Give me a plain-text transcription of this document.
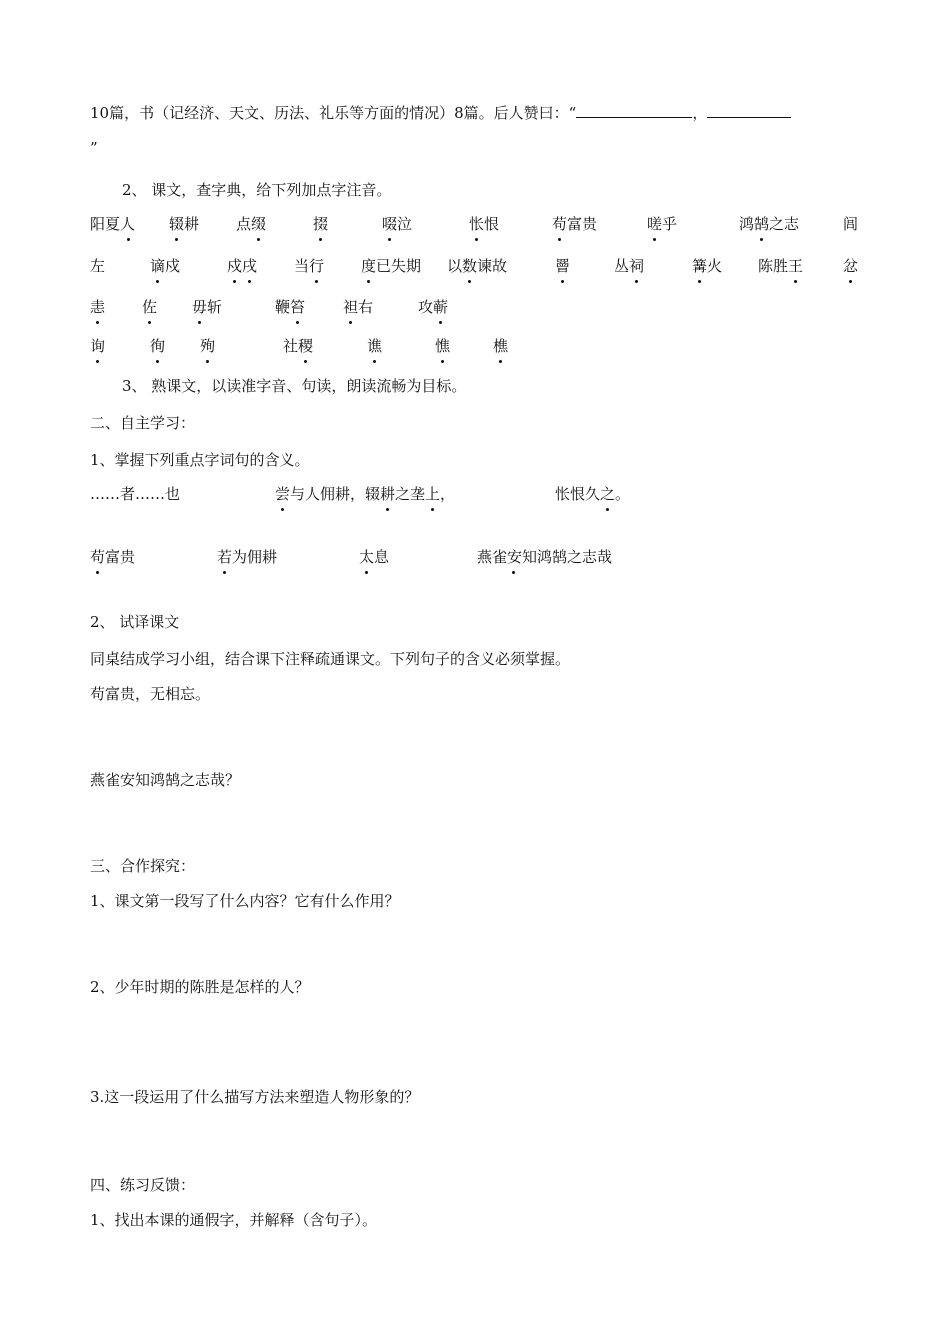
10篇，书（记经济、天文、历法、礼乐等方面的情况）8篇。后人赞曰：“	，
”
2、 课文，查字典，给下列加点字注音。
阳夏人 辍耕 点缀	掇	啜泣	怅恨	苟富贵	嗟乎	鸿鹄之志	闾
左	谪戍	戍戌 当行 度已失期 以数谏故	罾	丛祠	篝火 陈胜王	忿
恚 佐 毋斩	鞭笞	袒右	攻蕲
询	徇 殉	社稷	谯	憔	樵
3、 熟课文，以读准字音、句读，朗读流畅为目标。
二、自主学习：
1、掌握下列重点字词句的含义。
……者……也	尝与人佣耕，辍耕之垄上，	怅恨久之。
苟富贵	若为佣耕	太息	燕雀安知鸿鹄之志哉
2、 试译课文
同桌结成学习小组，结合课下注释疏通课文。下列句子的含义必须掌握。
苟富贵，无相忘。
燕雀安知鸿鹄之志哉？
三、合作探究：
1、课文第一段写了什么内容？它有什么作用？
2、少年时期的陈胜是怎样的人？
3.这一段运用了什么描写方法来塑造人物形象的？
四、练习反馈：
1、找出本课的通假字，并解释（含句子）。
